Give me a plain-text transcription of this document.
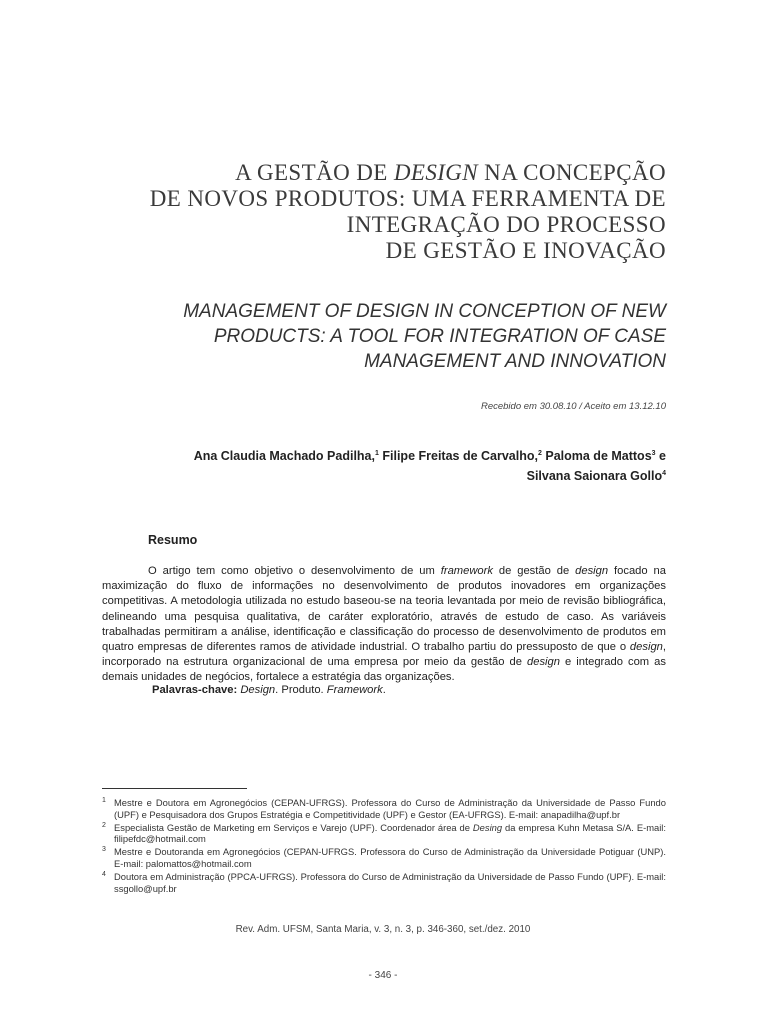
A GESTÃO DE DESIGN NA CONCEPÇÃO
DE NOVOS PRODUTOS: UMA FERRAMENTA DE
INTEGRAÇÃO DO PROCESSO
DE GESTÃO E INOVAÇÃO
MANAGEMENT OF DESIGN IN CONCEPTION OF NEW
PRODUCTS: A TOOL FOR INTEGRATION OF CASE
MANAGEMENT AND INNOVATION
Recebido em 30.08.10 / Aceito em 13.12.10
Ana Claudia Machado Padilha,$^1$ Filipe Freitas de Carvalho,$^2$ Paloma de Mattos$^3$ e
Silvana Saionara Gollo$^4$
Resumo

O artigo tem como objetivo o desenvolvimento de um framework de gestão de design focado na maximização do fluxo de informações no desenvolvimento de produtos inovadores em organizações competitivas. A metodologia utilizada no estudo baseou-se na teoria levantada por meio de revisão bibliográfica, delineando uma pesquisa qualitativa, de caráter exploratório, através de estudo de caso. As variáveis trabalhadas permitiram a análise, identificação e classificação do processo de desenvolvimento de produtos em quatro empresas de diferentes ramos de atividade industrial. O trabalho partiu do pressuposto de que o design, incorporado na estrutura organizacional de uma empresa por meio da gestão de design e integrado com as demais unidades de negócios, fortalece a estratégia das organizações.

Palavras-chave: Design. Produto. Framework.
1 Mestre e Doutora em Agronegócios (CEPAN-UFRGS). Professora do Curso de Administração da Universidade de Passo Fundo (UPF) e Pesquisadora dos Grupos Estratégia e Competitividade (UPF) e Gestor (EA-UFRGS). E-mail: anapadilha@upf.br
2 Especialista Gestão de Marketing em Serviços e Varejo (UPF). Coordenador área de Desing da empresa Kuhn Metasa S/A. E-mail: filipefdc@hotmail.com
3 Mestre e Doutoranda em Agronegócios (CEPAN-UFRGS. Professora do Curso de Administração da Universidade Potiguar (UNP). E-mail: palomattos@hotmail.com
4 Doutora em Administração (PPCA-UFRGS). Professora do Curso de Administração da Universidade de Passo Fundo (UPF). E-mail: ssgollo@upf.br
Rev. Adm. UFSM, Santa Maria, v. 3, n. 3, p. 346-360, set./dez. 2010
- 346 -
